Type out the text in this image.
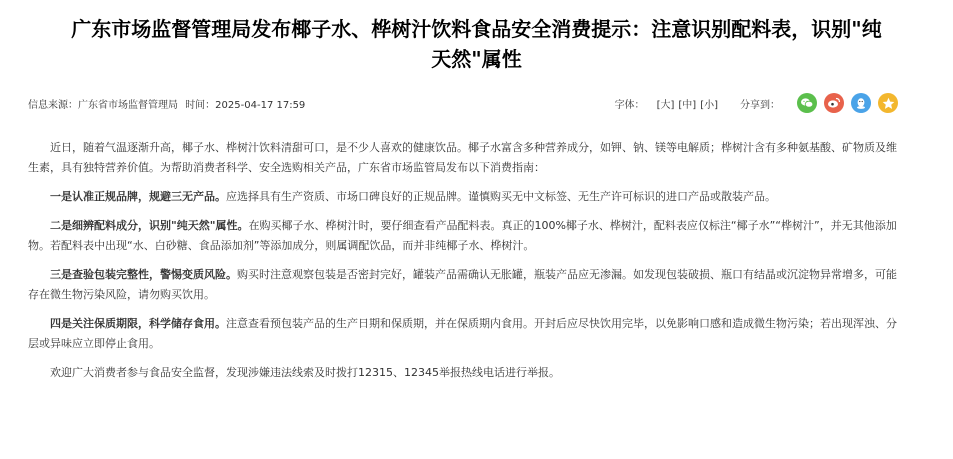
广东市场监督管理局发布椰子水、桦树汁饮料食品安全消费提示：注意识别配料表，识别"纯
天然"属性
信息来源：广东省市场监督管理局 时间：2025-04-17 17:59	字体： [大] [中] [小] 分享到：

近日，随着气温逐渐升高，椰子水、桦树汁饮料清甜可口，是不少人喜欢的健康饮品。椰子水富含多种营养成分，如钾、钠、镁等电解质；桦树汁含有多种氨基酸、矿物质及维生素，具有独特营养价值。为帮助消费者科学、安全选购相关产品，广东省市场监管局发布以下消费指南：

一是认准正规品牌，规避三无产品。应选择具有生产资质、市场口碑良好的正规品牌。谨慎购买无中文标签、无生产许可标识的进口产品或散装产品。

二是细辨配料成分，识别"纯天然"属性。在购买椰子水、桦树汁时，要仔细查看产品配料表。真正的100%椰子水、桦树汁，配料表应仅标注“椰子水”“桦树汁”，并无其他添加物。若配料表中出现“水、白砂糖、食品添加剂”等添加成分，则属调配饮品，而并非纯椰子水、桦树汁。

三是查验包装完整性，警惕变质风险。购买时注意观察包装是否密封完好，罐装产品需确认无胀罐，瓶装产品应无渗漏。如发现包装破损、瓶口有结晶或沉淀物异常增多，可能存在微生物污染风险，请勿购买饮用。

四是关注保质期限，科学储存食用。注意查看预包装产品的生产日期和保质期，并在保质期内食用。开封后应尽快饮用完毕，以免影响口感和造成微生物污染；若出现浑浊、分层或异味应立即停止食用。

欢迎广大消费者参与食品安全监督，发现涉嫌违法线索及时拨打12315、12345举报热线电话进行举报。
